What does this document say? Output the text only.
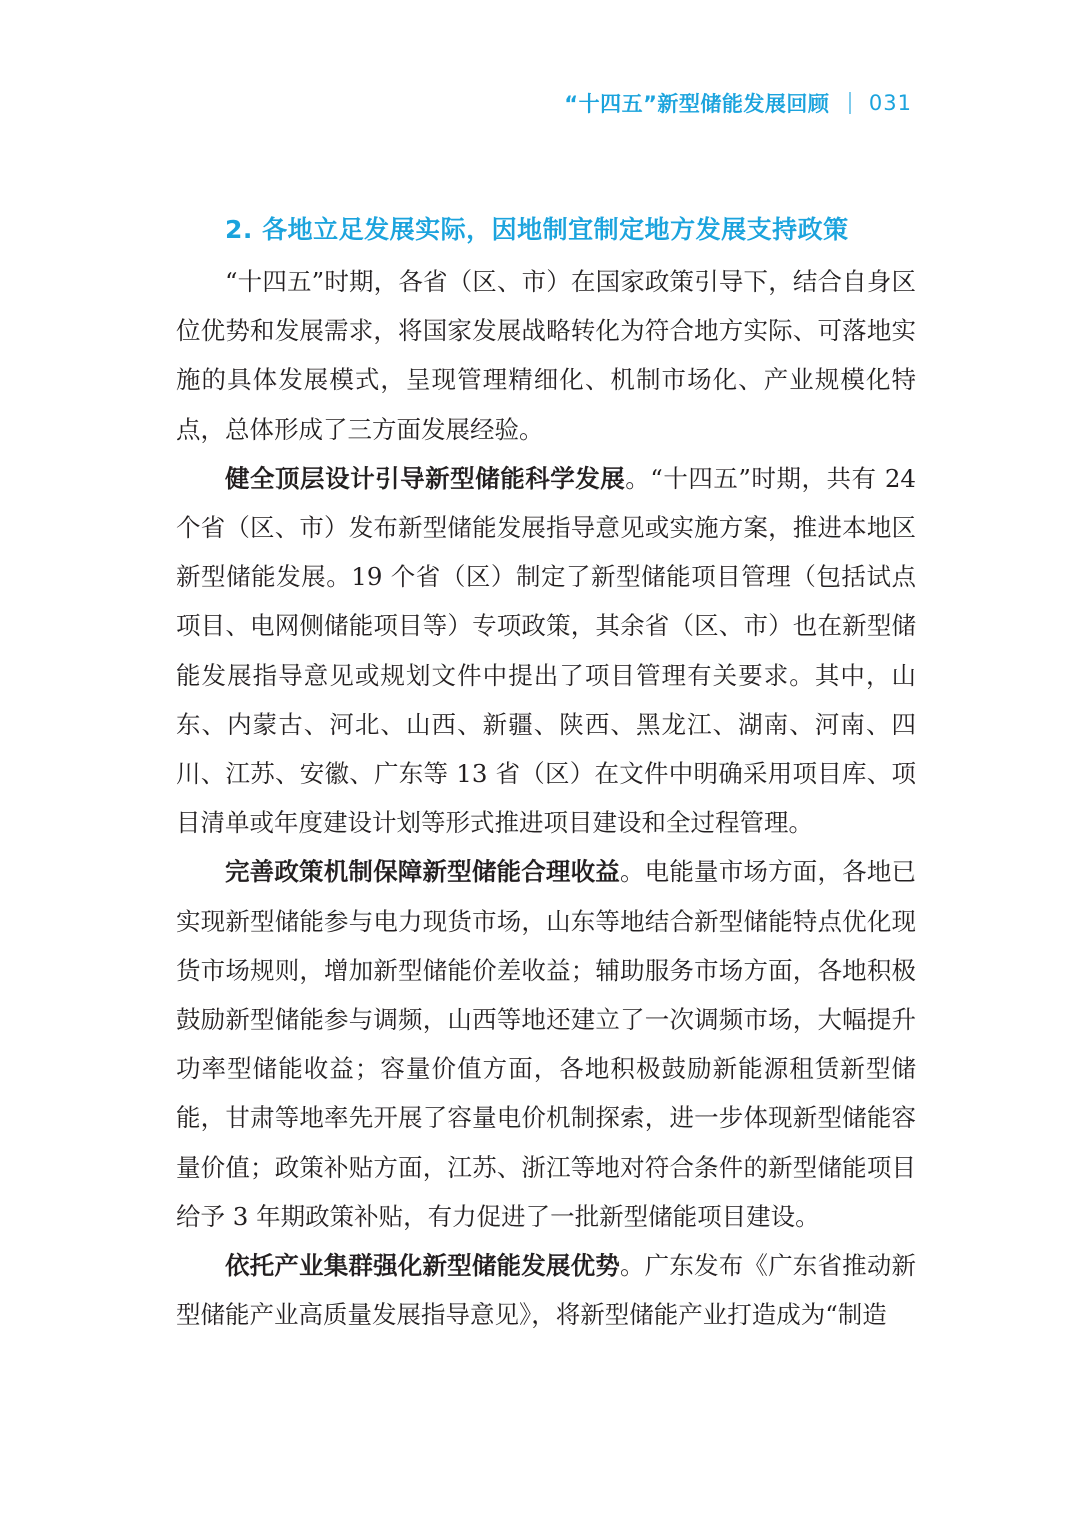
“十四五”新型储能发展回顾 031
2. 各地立足发展实际，因地制宜制定地方发展支持政策

“十四五”时期，各省（区、市）在国家政策引导下，结合自身区位优势和发展需求，将国家发展战略转化为符合地方实际、可落地实施的具体发展模式，呈现管理精细化、机制市场化、产业规模化特点，总体形成了三方面发展经验。

健全顶层设计引导新型储能科学发展。“十四五”时期，共有 24 个省（区、市）发布新型储能发展指导意见或实施方案，推进本地区新型储能发展。19 个省（区）制定了新型储能项目管理（包括试点项目、电网侧储能项目等）专项政策，其余省（区、市）也在新型储能发展指导意见或规划文件中提出了项目管理有关要求。其中，山东、内蒙古、河北、山西、新疆、陕西、黑龙江、湖南、河南、四川、江苏、安徽、广东等 13 省（区）在文件中明确采用项目库、项目清单或年度建设计划等形式推进项目建设和全过程管理。

完善政策机制保障新型储能合理收益。电能量市场方面，各地已实现新型储能参与电力现货市场，山东等地结合新型储能特点优化现货市场规则，增加新型储能价差收益；辅助服务市场方面，各地积极鼓励新型储能参与调频，山西等地还建立了一次调频市场，大幅提升功率型储能收益；容量价值方面，各地积极鼓励新能源租赁新型储能，甘肃等地率先开展了容量电价机制探索，进一步体现新型储能容量价值；政策补贴方面，江苏、浙江等地对符合条件的新型储能项目给予 3 年期政策补贴，有力促进了一批新型储能项目建设。

依托产业集群强化新型储能发展优势。广东发布《广东省推动新型储能产业高质量发展指导意见》，将新型储能产业打造成为“制造
